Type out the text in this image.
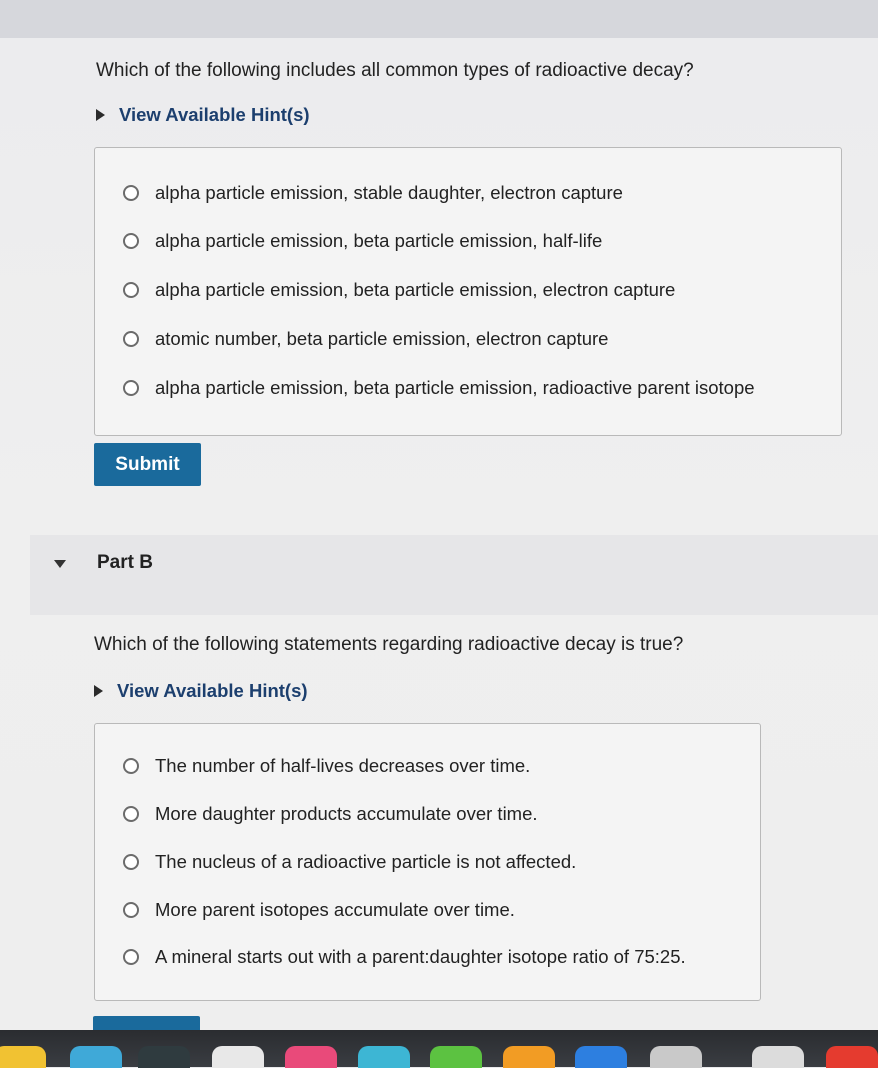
Which of the following includes all common types of radioactive decay?
View Available Hint(s)
alpha particle emission, stable daughter, electron capture
alpha particle emission, beta particle emission, half-life
alpha particle emission, beta particle emission, electron capture
atomic number, beta particle emission, electron capture
alpha particle emission, beta particle emission, radioactive parent isotope
Submit
Part B
Which of the following statements regarding radioactive decay is true?
View Available Hint(s)
The number of half-lives decreases over time.
More daughter products accumulate over time.
The nucleus of a radioactive particle is not affected.
More parent isotopes accumulate over time.
A mineral starts out with a parent:daughter isotope ratio of 75:25.
